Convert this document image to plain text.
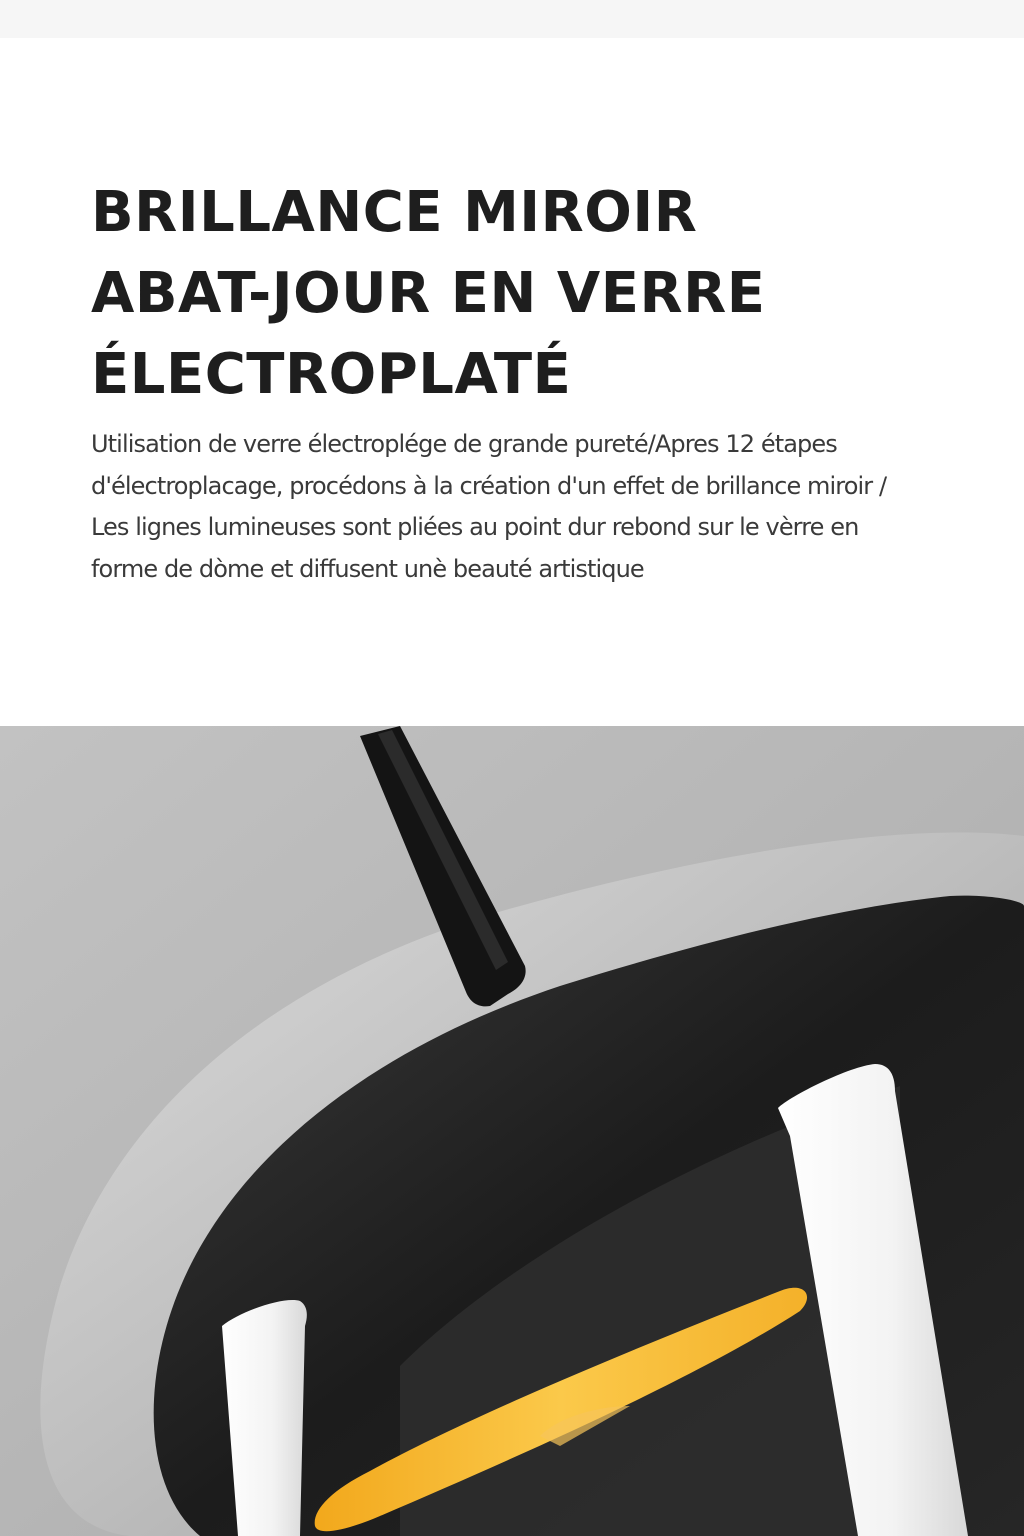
BRILLANCE MIROIR
ABAT-JOUR EN VERRE
ÉLECTROPLATÉ

Utilisation de verre électroplége de grande pureté/Apres 12 étapes d'électroplacage, procédons à la création d'un effet de brillance miroir / Les lignes lumineuses sont pliées au point dur rebond sur le vèrre en forme de dòme et diffusent unè beauté artistique
